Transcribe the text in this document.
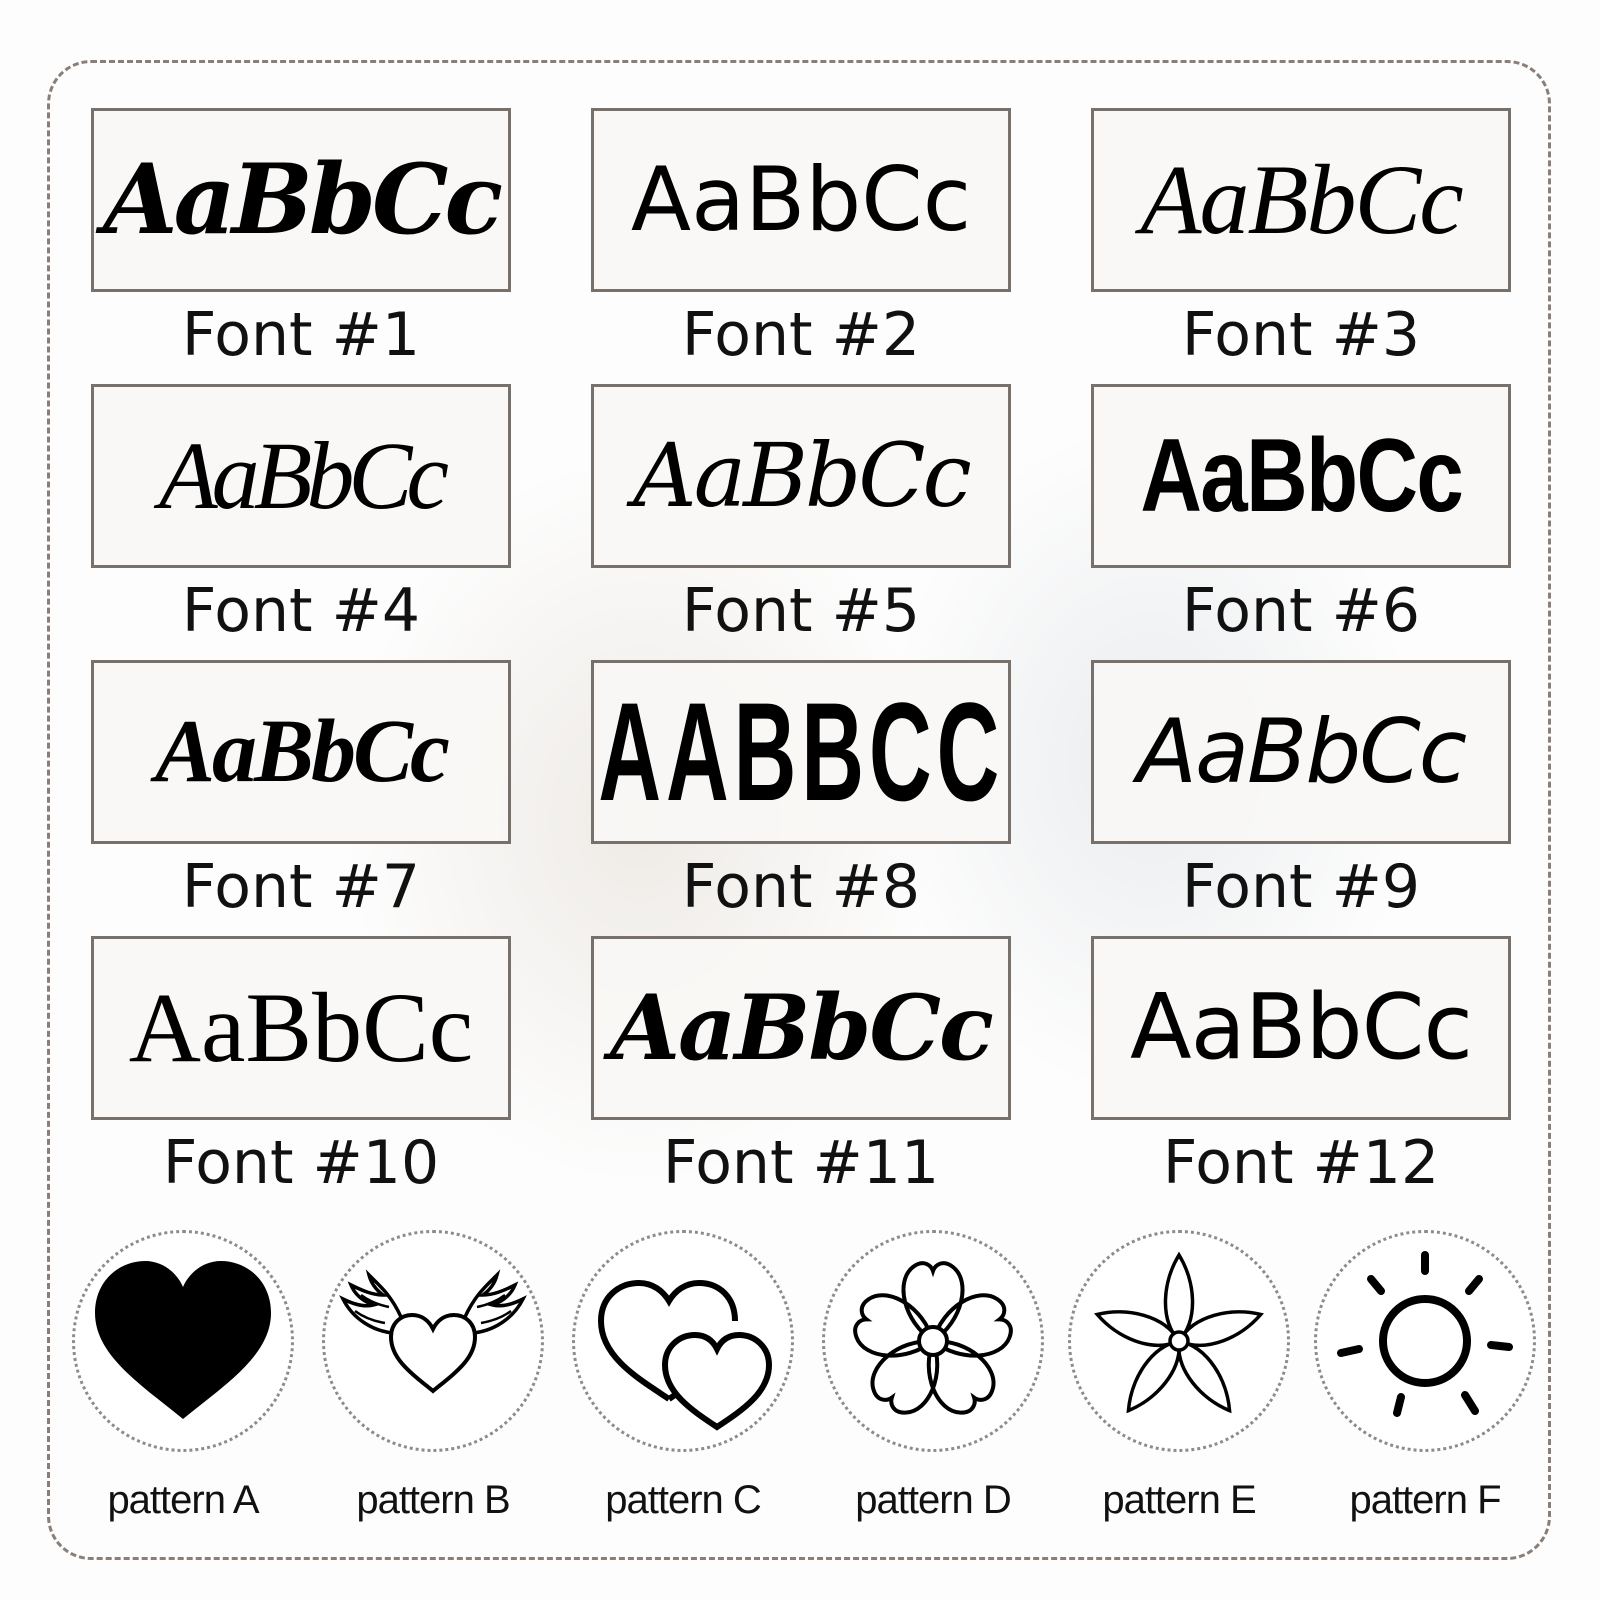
AaBbCc
Font #1
AaBbCc
Font #2
AaBbCc
Font #3
AaBbCc
Font #4
AaBbCc
Font #5
AaBbCc
Font #6
AaBbCc
Font #7
AABBCC
Font #8
AaBbCc
Font #9
AaBbCc
Font #10
AaBbCc
Font #11
AaBbCc
Font #12
pattern A	pattern B	pattern C	pattern D	pattern E	pattern F
